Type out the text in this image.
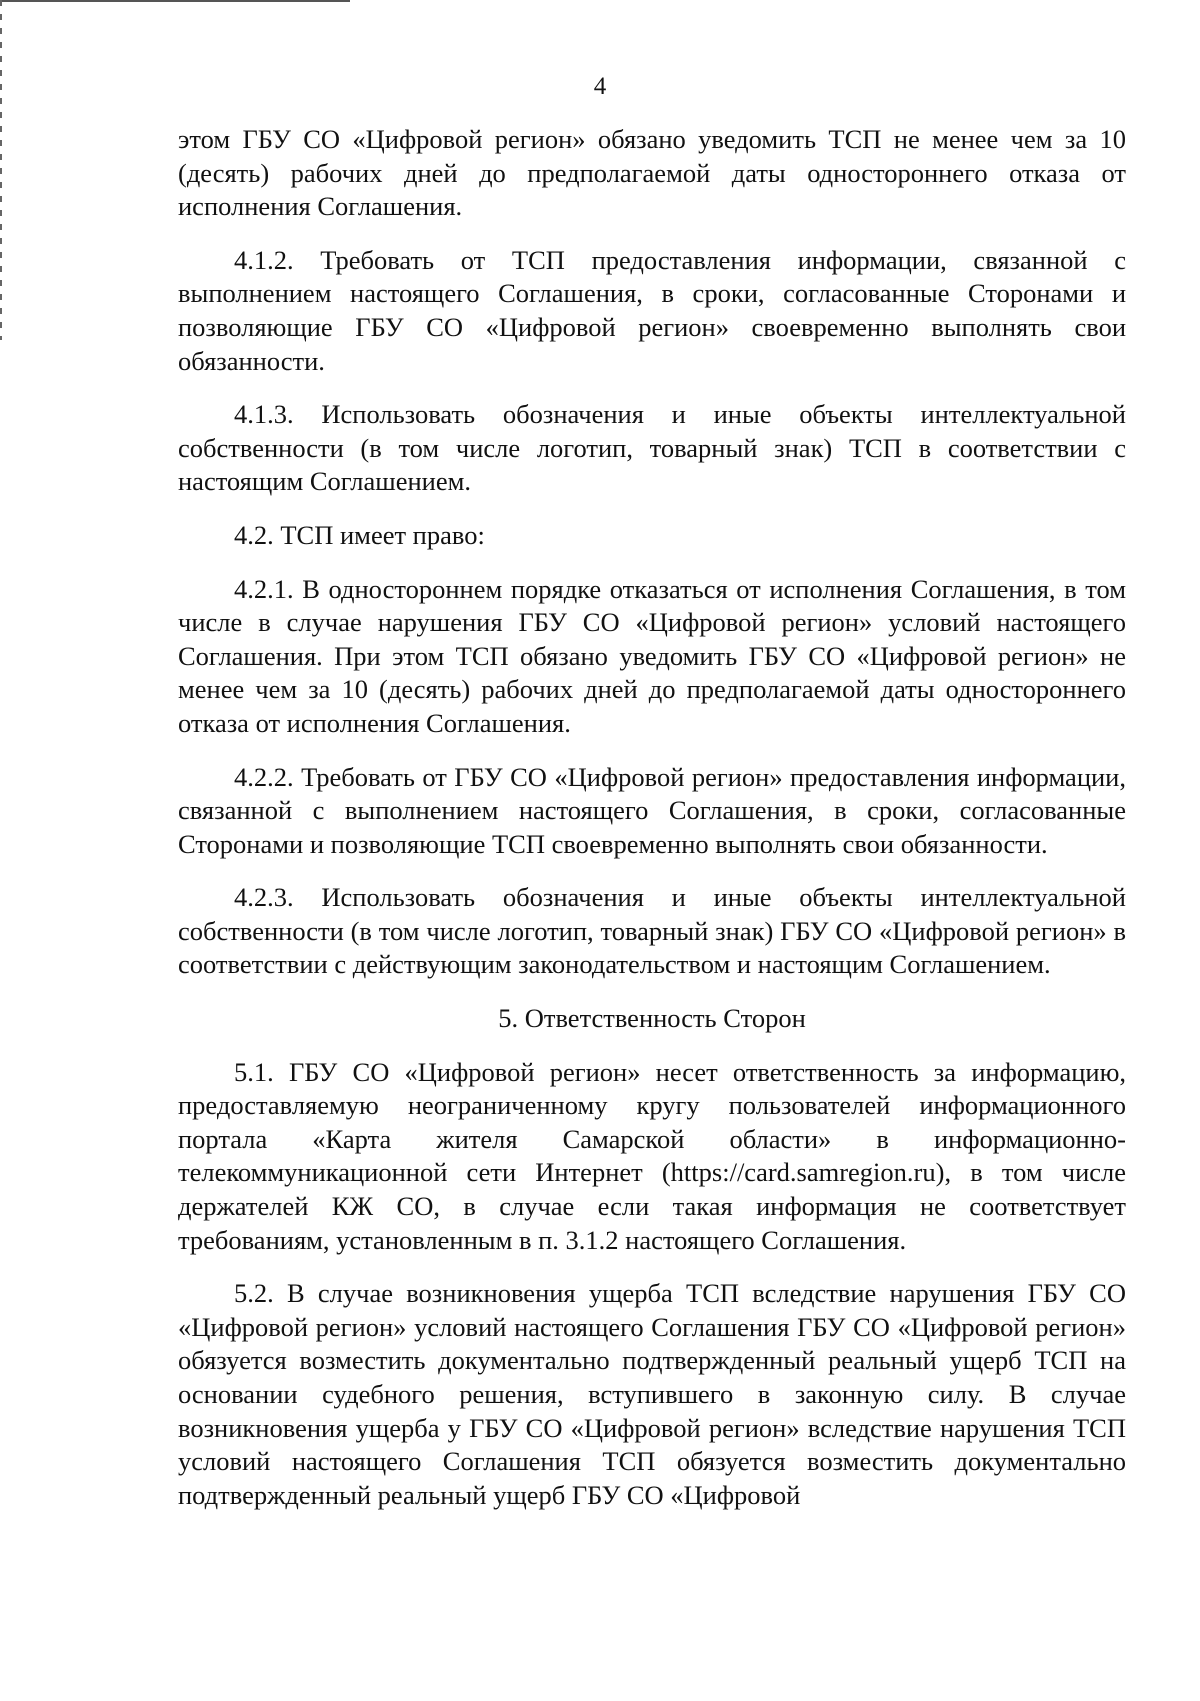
4

этом ГБУ СО «Цифровой регион» обязано уведомить ТСП не менее чем за 10 (десять) рабочих дней до предполагаемой даты одностороннего отказа от исполнения Соглашения.

4.1.2. Требовать от ТСП предоставления информации, связанной с выполнением настоящего Соглашения, в сроки, согласованные Сторонами и позволяющие ГБУ СО «Цифровой регион» своевременно выполнять свои обязанности.

4.1.3. Использовать обозначения и иные объекты интеллектуальной собственности (в том числе логотип, товарный знак) ТСП в соответствии с настоящим Соглашением.

4.2. ТСП имеет право:

4.2.1. В одностороннем порядке отказаться от исполнения Соглашения, в том числе в случае нарушения ГБУ СО «Цифровой регион» условий настоящего Соглашения. При этом ТСП обязано уведомить ГБУ СО «Цифровой регион» не менее чем за 10 (десять) рабочих дней до предполагаемой даты одностороннего отказа от исполнения Соглашения.

4.2.2. Требовать от ГБУ СО «Цифровой регион» предоставления информации, связанной с выполнением настоящего Соглашения, в сроки, согласованные Сторонами и позволяющие ТСП своевременно выполнять свои обязанности.

4.2.3. Использовать обозначения и иные объекты интеллектуальной собственности (в том числе логотип, товарный знак) ГБУ СО «Цифровой регион» в соответствии с действующим законодательством и настоящим Соглашением.

5. Ответственность Сторон

5.1. ГБУ СО «Цифровой регион» несет ответственность за информацию, предоставляемую неограниченному кругу пользователей информационного портала «Карта жителя Самарской области» в информационно-телекоммуникационной сети Интернет (https://card.samregion.ru), в том числе держателей КЖ СО, в случае если такая информация не соответствует требованиям, установленным в п. 3.1.2 настоящего Соглашения.

5.2. В случае возникновения ущерба ТСП вследствие нарушения ГБУ СО «Цифровой регион» условий настоящего Соглашения ГБУ СО «Цифровой регион» обязуется возместить документально подтвержденный реальный ущерб ТСП на основании судебного решения, вступившего в законную силу. В случае возникновения ущерба у ГБУ СО «Цифровой регион» вследствие нарушения ТСП условий настоящего Соглашения ТСП обязуется возместить документально подтвержденный реальный ущерб ГБУ СО «Цифровой
